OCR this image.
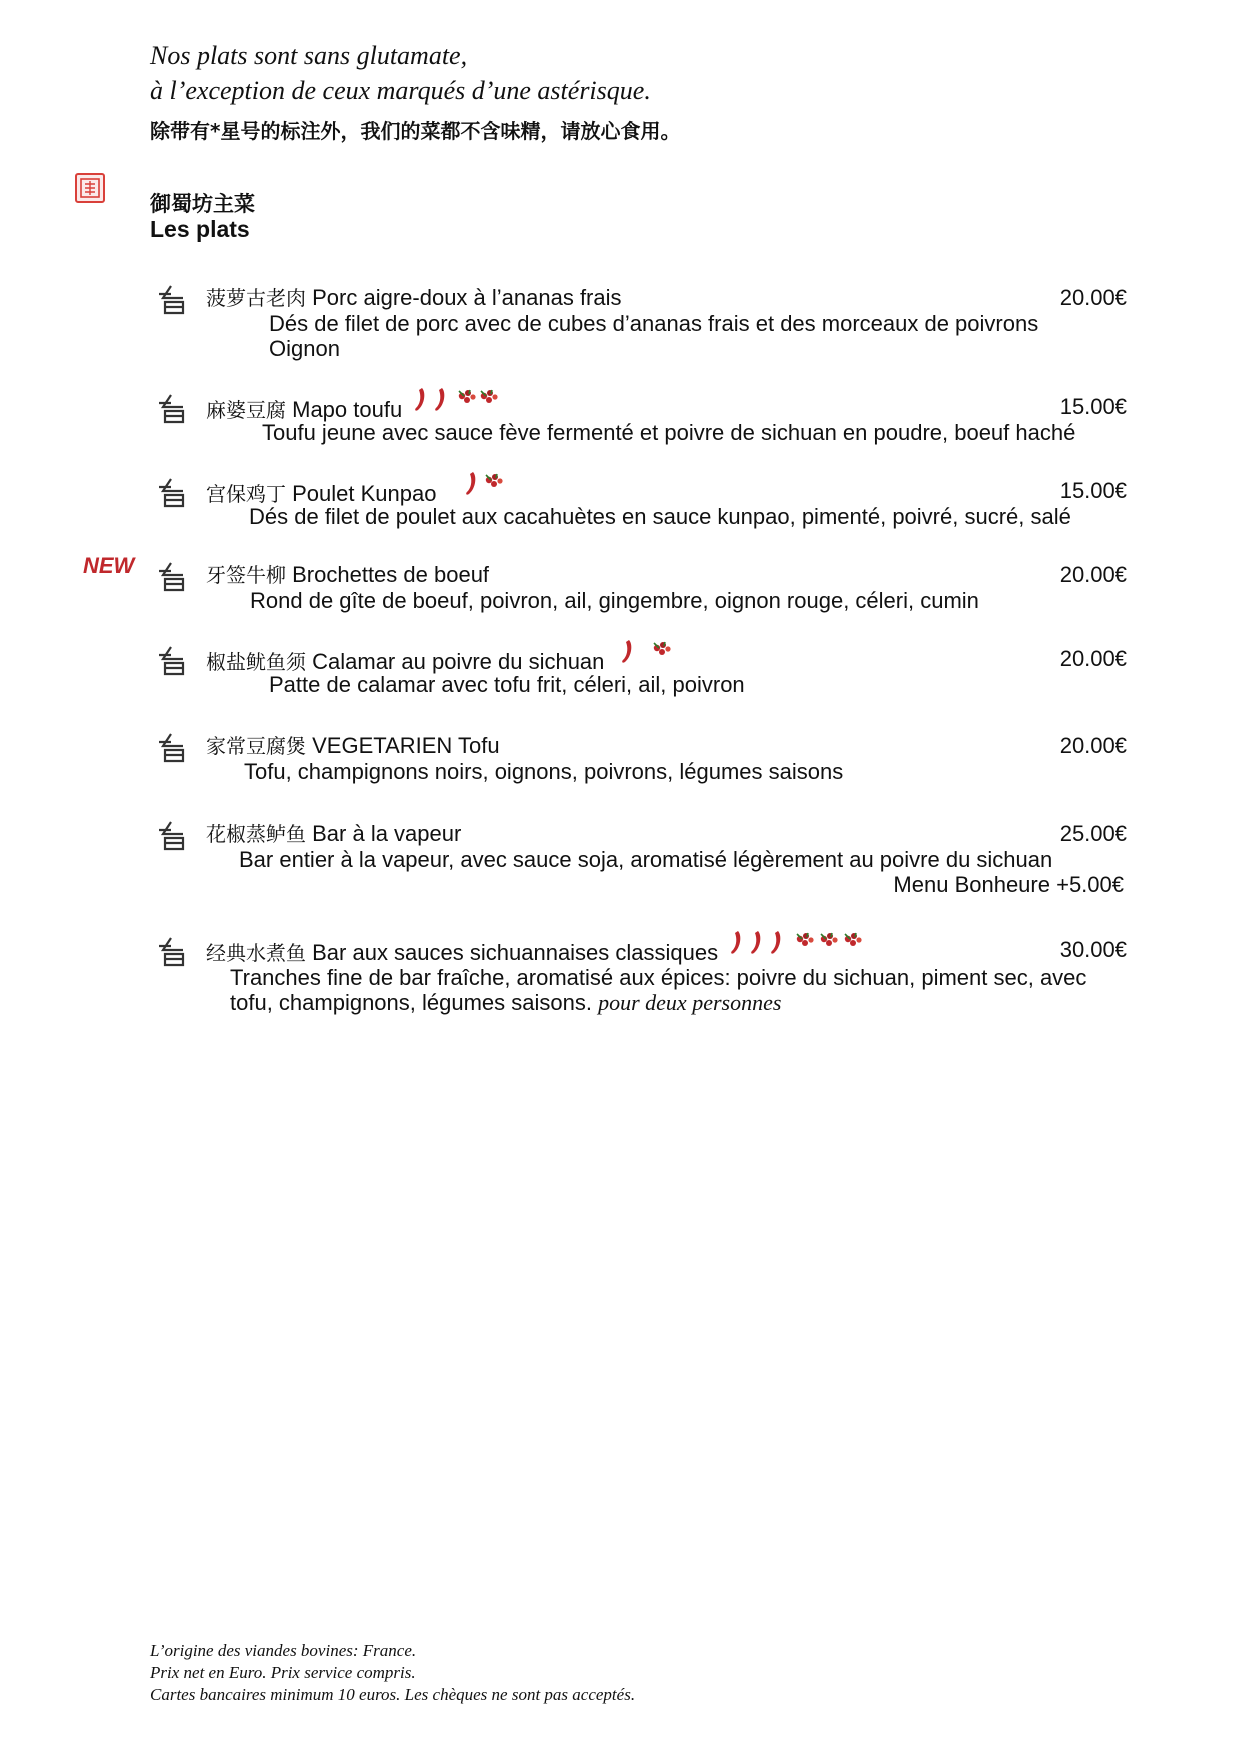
Nos plats sont sans glutamate,
à l’exception de ceux marqués d’une astérisque.
除带有*星号的标注外，我们的菜都不含味精，请放心食用。
御蜀坊主菜
Les plats
NEW
菠萝古老肉 Porc aigre-doux à l’ananas frais	20.00€
Dés de filet de porc avec de cubes d’ananas frais et des morceaux de poivrons
Oignon
麻婆豆腐 Mapo toufu	15.00€
Toufu jeune avec sauce fève fermenté et poivre de sichuan en poudre, boeuf haché
宫保鸡丁 Poulet Kunpao	15.00€
Dés de filet de poulet aux cacahuètes en sauce kunpao, pimenté, poivré, sucré, salé
牙签牛柳 Brochettes de boeuf	20.00€
Rond de gîte de boeuf, poivron, ail, gingembre, oignon rouge, céleri, cumin
椒盐鱿鱼须 Calamar au poivre du sichuan	20.00€
Patte de calamar avec tofu frit, céleri, ail, poivron
家常豆腐煲 VEGETARIEN Tofu	20.00€
Tofu, champignons noirs, oignons, poivrons, légumes saisons
花椒蒸鲈鱼 Bar à la vapeur	25.00€
Bar entier à la vapeur, avec sauce soja, aromatisé légèrement au poivre du sichuan
Menu Bonheure +5.00€
经典水煮鱼 Bar aux sauces sichuannaises classiques	30.00€
Tranches fine de bar fraîche, aromatisé aux épices: poivre du sichuan, piment sec, avec
tofu, champignons, légumes saisons. pour deux personnes
L’origine des viandes bovines: France.
Prix net en Euro. Prix service compris.
Cartes bancaires minimum 10 euros. Les chèques ne sont pas acceptés.
